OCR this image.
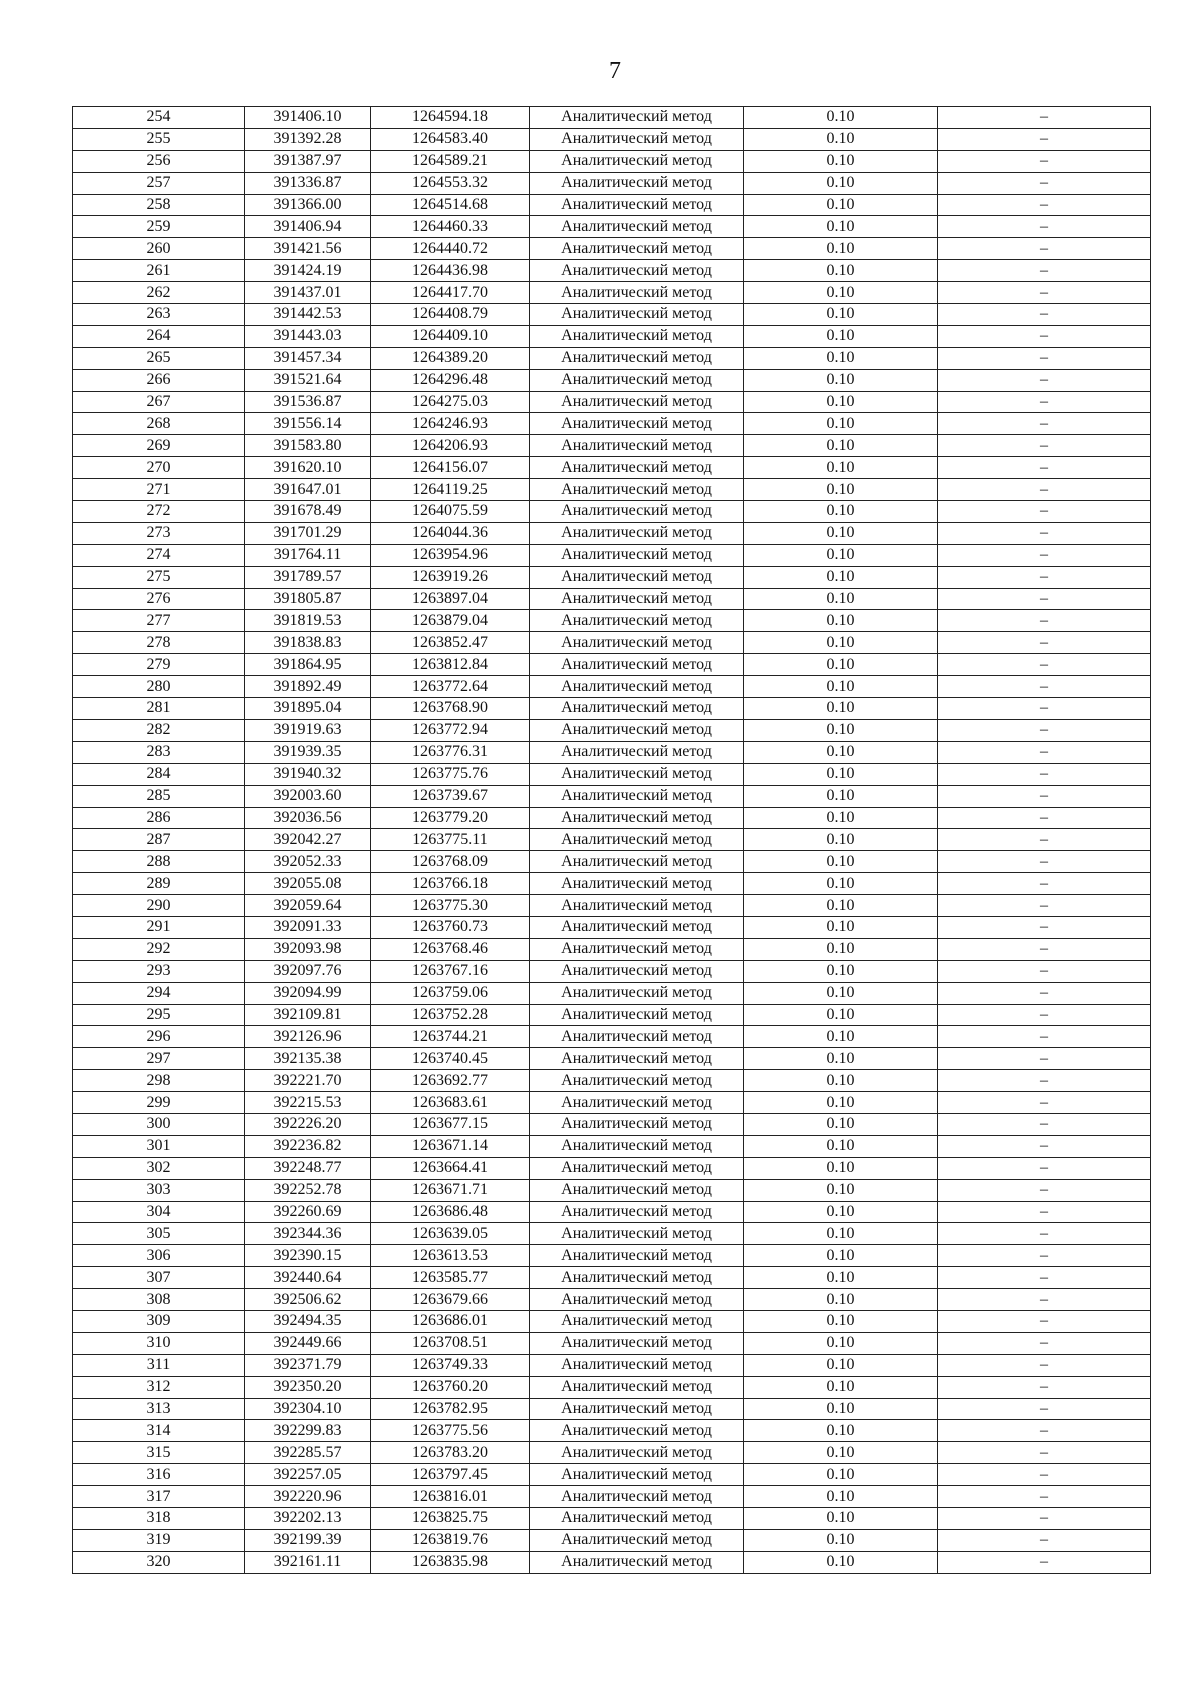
7
254	391406.10	1264594.18	Аналитический метод	0.10	–
255	391392.28	1264583.40	Аналитический метод	0.10	–
256	391387.97	1264589.21	Аналитический метод	0.10	–
257	391336.87	1264553.32	Аналитический метод	0.10	–
258	391366.00	1264514.68	Аналитический метод	0.10	–
259	391406.94	1264460.33	Аналитический метод	0.10	–
260	391421.56	1264440.72	Аналитический метод	0.10	–
261	391424.19	1264436.98	Аналитический метод	0.10	–
262	391437.01	1264417.70	Аналитический метод	0.10	–
263	391442.53	1264408.79	Аналитический метод	0.10	–
264	391443.03	1264409.10	Аналитический метод	0.10	–
265	391457.34	1264389.20	Аналитический метод	0.10	–
266	391521.64	1264296.48	Аналитический метод	0.10	–
267	391536.87	1264275.03	Аналитический метод	0.10	–
268	391556.14	1264246.93	Аналитический метод	0.10	–
269	391583.80	1264206.93	Аналитический метод	0.10	–
270	391620.10	1264156.07	Аналитический метод	0.10	–
271	391647.01	1264119.25	Аналитический метод	0.10	–
272	391678.49	1264075.59	Аналитический метод	0.10	–
273	391701.29	1264044.36	Аналитический метод	0.10	–
274	391764.11	1263954.96	Аналитический метод	0.10	–
275	391789.57	1263919.26	Аналитический метод	0.10	–
276	391805.87	1263897.04	Аналитический метод	0.10	–
277	391819.53	1263879.04	Аналитический метод	0.10	–
278	391838.83	1263852.47	Аналитический метод	0.10	–
279	391864.95	1263812.84	Аналитический метод	0.10	–
280	391892.49	1263772.64	Аналитический метод	0.10	–
281	391895.04	1263768.90	Аналитический метод	0.10	–
282	391919.63	1263772.94	Аналитический метод	0.10	–
283	391939.35	1263776.31	Аналитический метод	0.10	–
284	391940.32	1263775.76	Аналитический метод	0.10	–
285	392003.60	1263739.67	Аналитический метод	0.10	–
286	392036.56	1263779.20	Аналитический метод	0.10	–
287	392042.27	1263775.11	Аналитический метод	0.10	–
288	392052.33	1263768.09	Аналитический метод	0.10	–
289	392055.08	1263766.18	Аналитический метод	0.10	–
290	392059.64	1263775.30	Аналитический метод	0.10	–
291	392091.33	1263760.73	Аналитический метод	0.10	–
292	392093.98	1263768.46	Аналитический метод	0.10	–
293	392097.76	1263767.16	Аналитический метод	0.10	–
294	392094.99	1263759.06	Аналитический метод	0.10	–
295	392109.81	1263752.28	Аналитический метод	0.10	–
296	392126.96	1263744.21	Аналитический метод	0.10	–
297	392135.38	1263740.45	Аналитический метод	0.10	–
298	392221.70	1263692.77	Аналитический метод	0.10	–
299	392215.53	1263683.61	Аналитический метод	0.10	–
300	392226.20	1263677.15	Аналитический метод	0.10	–
301	392236.82	1263671.14	Аналитический метод	0.10	–
302	392248.77	1263664.41	Аналитический метод	0.10	–
303	392252.78	1263671.71	Аналитический метод	0.10	–
304	392260.69	1263686.48	Аналитический метод	0.10	–
305	392344.36	1263639.05	Аналитический метод	0.10	–
306	392390.15	1263613.53	Аналитический метод	0.10	–
307	392440.64	1263585.77	Аналитический метод	0.10	–
308	392506.62	1263679.66	Аналитический метод	0.10	–
309	392494.35	1263686.01	Аналитический метод	0.10	–
310	392449.66	1263708.51	Аналитический метод	0.10	–
311	392371.79	1263749.33	Аналитический метод	0.10	–
312	392350.20	1263760.20	Аналитический метод	0.10	–
313	392304.10	1263782.95	Аналитический метод	0.10	–
314	392299.83	1263775.56	Аналитический метод	0.10	–
315	392285.57	1263783.20	Аналитический метод	0.10	–
316	392257.05	1263797.45	Аналитический метод	0.10	–
317	392220.96	1263816.01	Аналитический метод	0.10	–
318	392202.13	1263825.75	Аналитический метод	0.10	–
319	392199.39	1263819.76	Аналитический метод	0.10	–
320	392161.11	1263835.98	Аналитический метод	0.10	–
